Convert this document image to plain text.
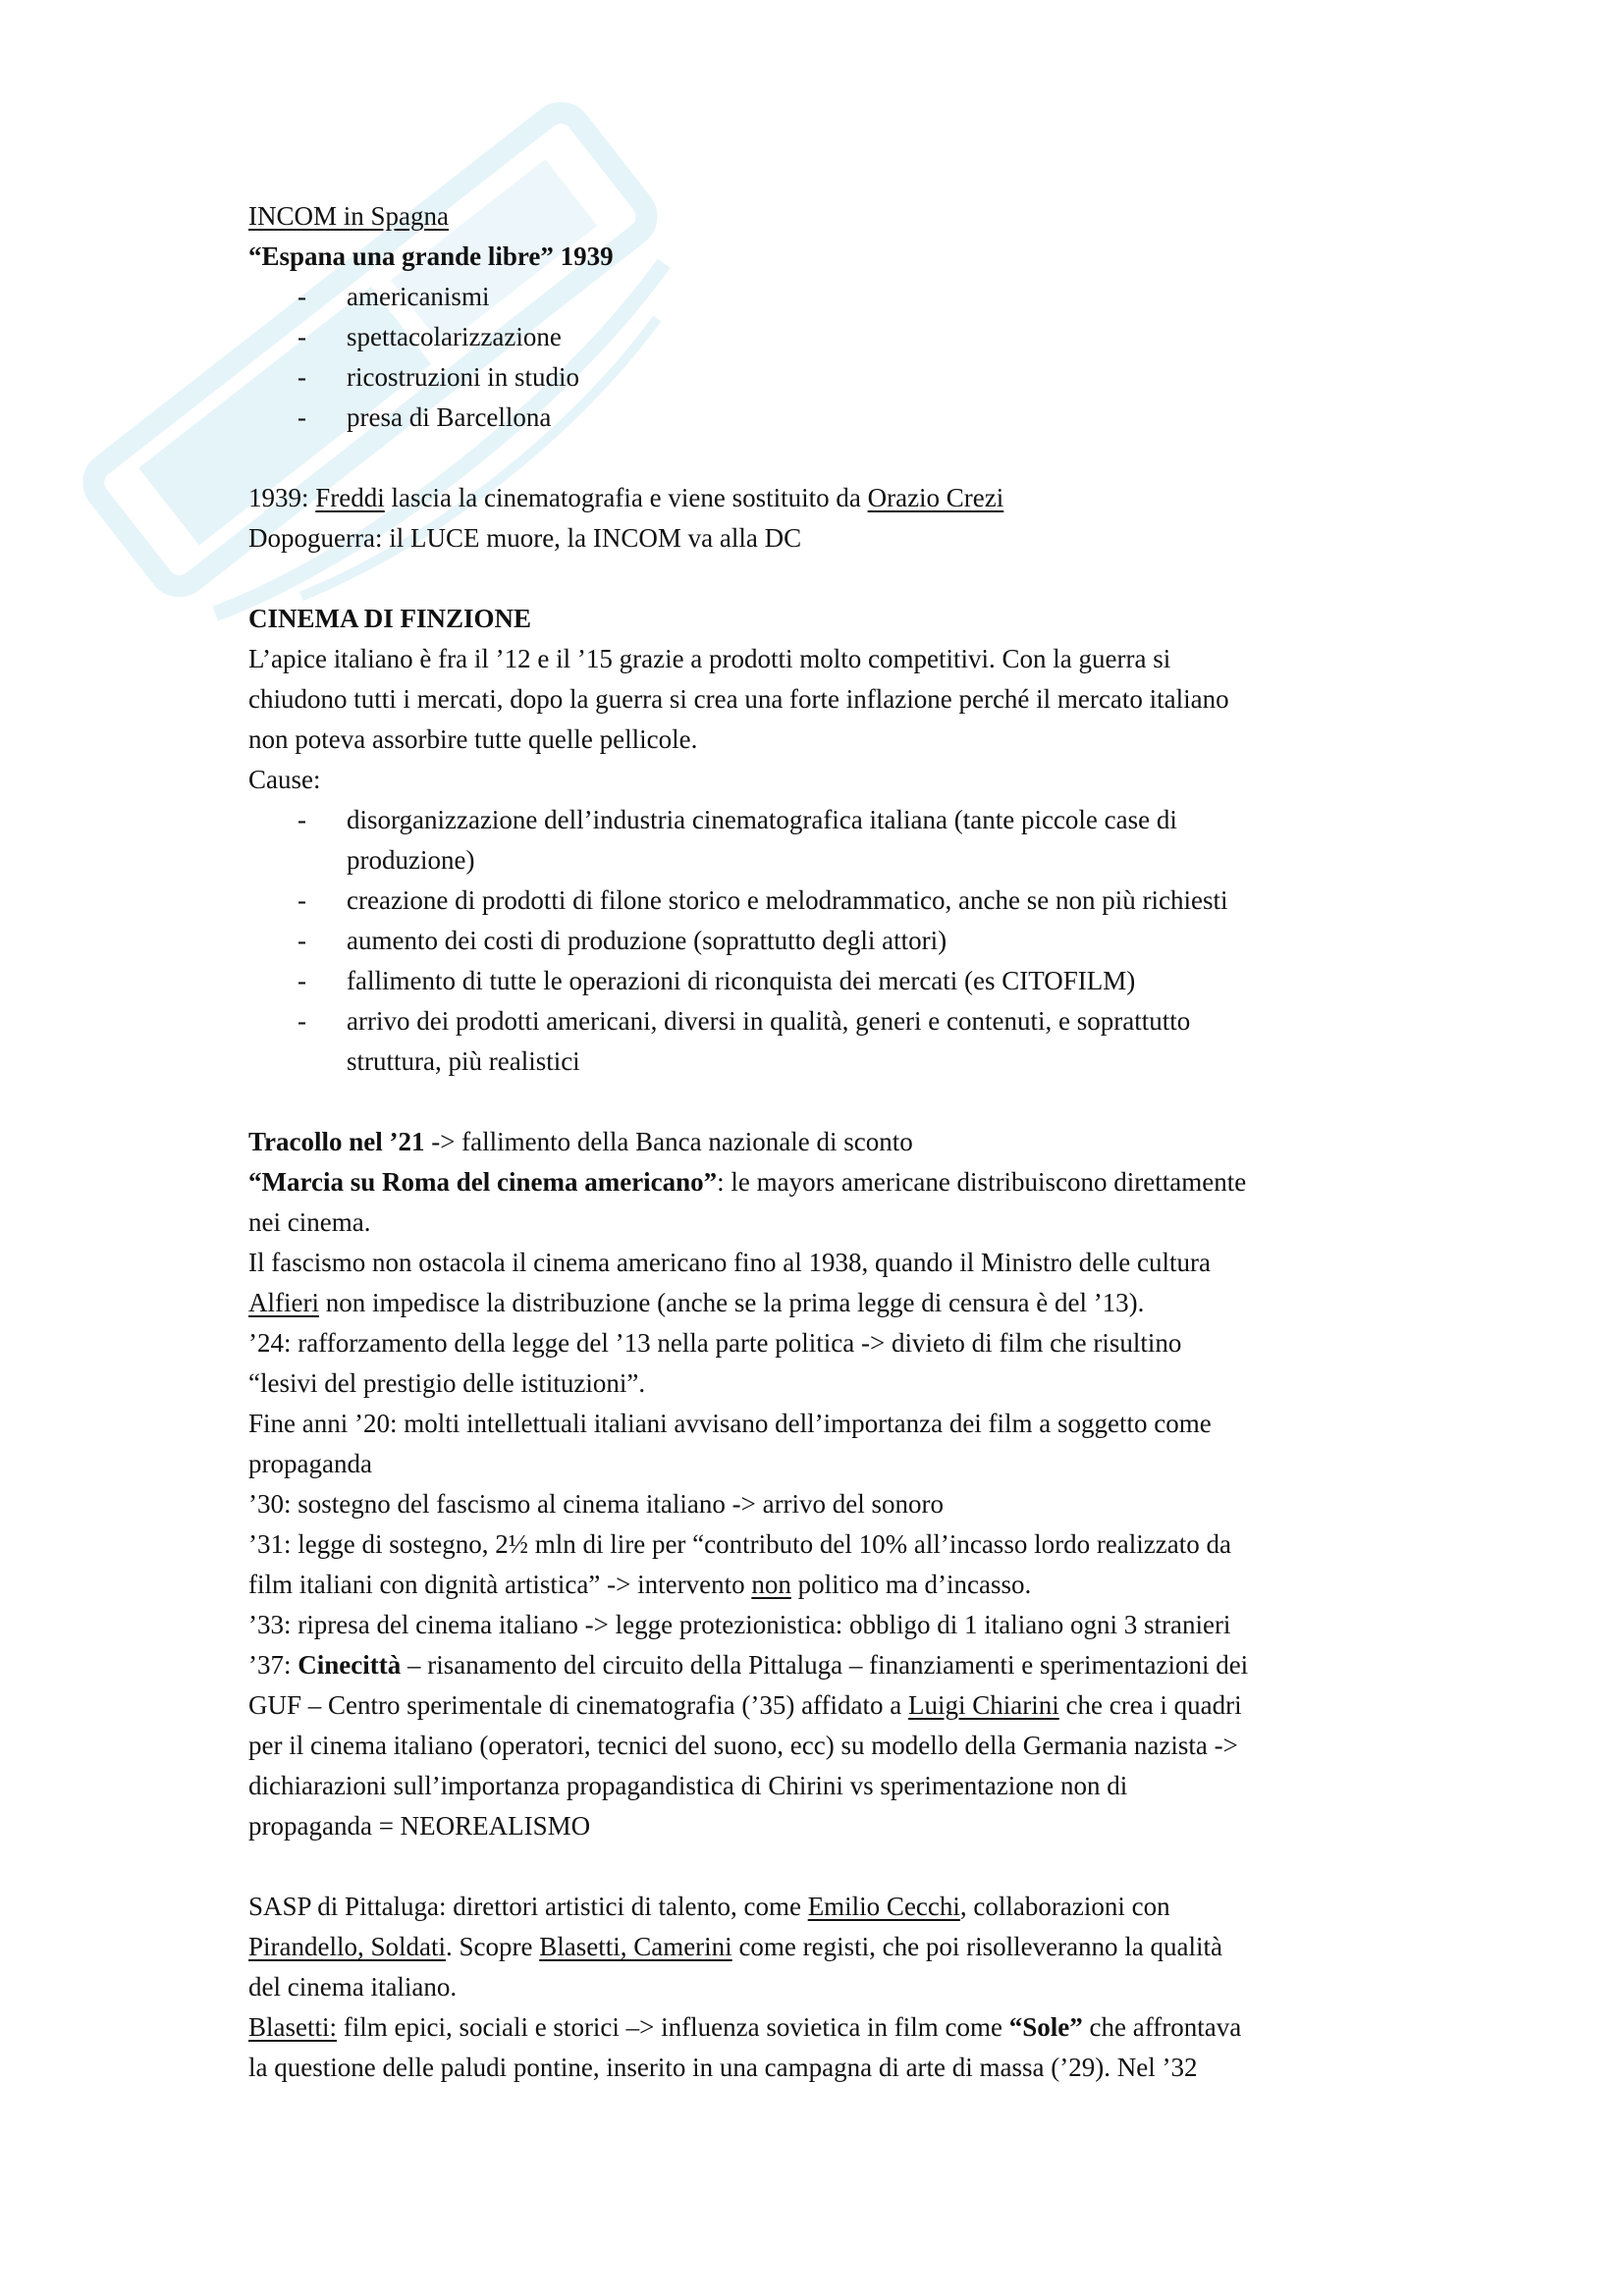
INCOM in Spagna

“Espana una grande libre” 1939

- americanismi
- spettacolarizzazione
- ricostruzioni in studio
- presa di Barcellona

1939: Freddi lascia la cinematografia e viene sostituito da Orazio Crezi

Dopoguerra: il LUCE muore, la INCOM va alla DC

CINEMA DI FINZIONE

L’apice italiano è fra il ’12 e il ’15 grazie a prodotti molto competitivi. Con la guerra si

chiudono tutti i mercati, dopo la guerra si crea una forte inflazione perché il mercato italiano

non poteva assorbire tutte quelle pellicole.

Cause:

- disorganizzazione dell’industria cinematografica italiana (tante piccole case di
produzione)
- creazione di prodotti di filone storico e melodrammatico, anche se non più richiesti
- aumento dei costi di produzione (soprattutto degli attori)
- fallimento di tutte le operazioni di riconquista dei mercati (es CITOFILM)
- arrivo dei prodotti americani, diversi in qualità, generi e contenuti, e soprattutto
struttura, più realistici

Tracollo nel ’21 -> fallimento della Banca nazionale di sconto

“Marcia su Roma del cinema americano”: le mayors americane distribuiscono direttamente

nei cinema.

Il fascismo non ostacola il cinema americano fino al 1938, quando il Ministro delle cultura

Alfieri non impedisce la distribuzione (anche se la prima legge di censura è del ’13).

’24: rafforzamento della legge del ’13 nella parte politica -> divieto di film che risultino

“lesivi del prestigio delle istituzioni”.

Fine anni ’20: molti intellettuali italiani avvisano dell’importanza dei film a soggetto come

propaganda

’30: sostegno del fascismo al cinema italiano -> arrivo del sonoro

’31: legge di sostegno, 2½ mln di lire per “contributo del 10% all’incasso lordo realizzato da

film italiani con dignità artistica” -> intervento non politico ma d’incasso.

’33: ripresa del cinema italiano -> legge protezionistica: obbligo di 1 italiano ogni 3 stranieri

’37: Cinecittà – risanamento del circuito della Pittaluga – finanziamenti e sperimentazioni dei

GUF – Centro sperimentale di cinematografia (’35) affidato a Luigi Chiarini che crea i quadri

per il cinema italiano (operatori, tecnici del suono, ecc) su modello della Germania nazista ->

dichiarazioni sull’importanza propagandistica di Chirini vs sperimentazione non di

propaganda = NEOREALISMO

SASP di Pittaluga: direttori artistici di talento, come Emilio Cecchi, collaborazioni con

Pirandello, Soldati. Scopre Blasetti, Camerini come registi, che poi risolleveranno la qualità

del cinema italiano.

Blasetti: film epici, sociali e storici –> influenza sovietica in film come “Sole” che affrontava

la questione delle paludi pontine, inserito in una campagna di arte di massa (’29). Nel ’32
